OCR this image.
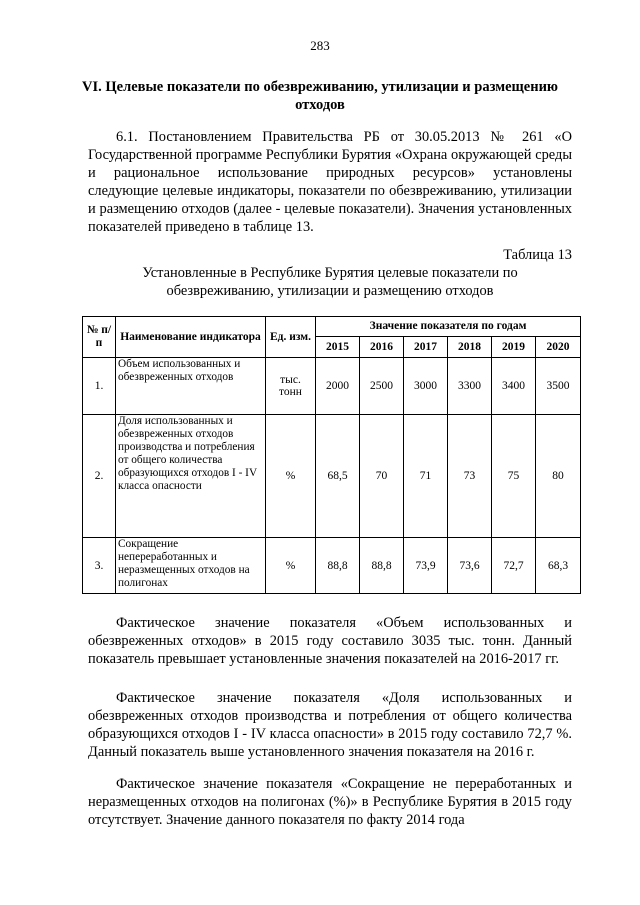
283
VI. Целевые показатели по обезвреживанию, утилизации и размещению отходов
6.1. Постановлением Правительства РБ от 30.05.2013 № 261 «О Государственной программе Республики Бурятия «Охрана окружающей среды и рациональное использование природных ресурсов» установлены следующие целевые индикаторы, показатели по обезвреживанию, утилизации и размещению отходов (далее - целевые показатели). Значения установленных показателей приведено в таблице 13.
Таблица 13
Установленные в Республике Бурятия целевые показатели по обезвреживанию, утилизации и размещению отходов
№ п/п	Наименование индикатора	Ед. изм.	Значение показателя по годам					
			2015	2016	2017	2018	2019	2020
1.	Объем использованных и обезвреженных отходов	тыс. тонн	2000	2500	3000	3300	3400	3500
2.	Доля использованных и обезвреженных отходов производства и потребления от общего количества образующихся отходов I - IV класса опасности	%	68,5	70	71	73	75	80
3.	Сокращение непереработанных и неразмещенных отходов на полигонах	%	88,8	88,8	73,9	73,6	72,7	68,3
Фактическое значение показателя «Объем использованных и обезвреженных отходов» в 2015 году составило 3035 тыс. тонн. Данный показатель превышает установленные значения показателей на 2016-2017 гг.
Фактическое значение показателя «Доля использованных и обезвреженных отходов производства и потребления от общего количества образующихся отходов I - IV класса опасности» в 2015 году составило 72,7 %. Данный показатель выше установленного значения показателя на 2016 г.
Фактическое значение показателя «Сокращение не переработанных и неразмещенных отходов на полигонах (%)» в Республике Бурятия в 2015 году отсутствует. Значение данного показателя по факту 2014 года
